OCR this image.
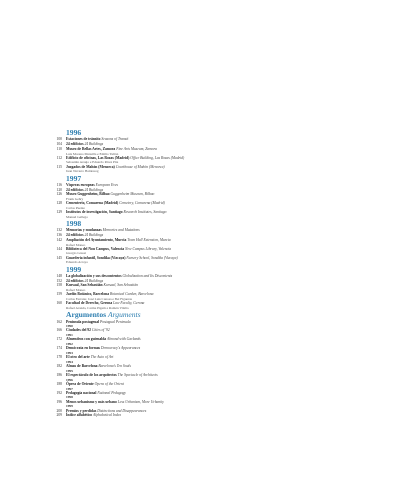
1996
100 Estaciones de tránsito Seasons of Transit
104 24 edificios 24 Buildings
110 Museo de Bellas Artes, Zamora Fine Arts Museum, Zamora
Luis Moreno Mansilla e Emilio Tuñón
112 Edificio de oficinas, Las Rozas (Madrid) Office Building, Las Rozas (Madrid)
Sebastián Araujo e Eduardo Pérez Pita
115 Juzgados de Mahón (Menorca) Courthouse of Mahón (Menorca)
Juan Navarro Baldeweg
1997
116 Vísperas europeas European Eves
120 24 edificios 24 Buildings
126 Museo Guggenheim, Bilbao Guggenheim Museum, Bilbao
Frank Gehry
128 Cementerio, Comarena (Madrid) Cemetery, Comarena (Madrid)
Carlos Puente
129 Institutos de investigación, Santiago Research Institutes, Santiago
Manuel Gallego
1998
132 Memorias y mudanzas Memories and Mutations
136 24 edificios 24 Buildings
142 Ampliación del Ayuntamiento, Murcia Town Hall Extension, Murcia
Rafael Moneo
144 Biblioteca del Nou Campus, Valencia New Campus Library, Valencia
Giorgio Grassi
145 Guardería infantil, Sondika (Vizcaya) Nursery School, Sondika (Vizcaya)
Eduardo Arroyo
1999
148 La globalización y sus descontentos Globalization and Its Discontents
152 24 edificios 24 Buildings
158 Kursaal, San Sebastián Kursaal, San Sebastián
Rafael Moneo
159 Jardín Botánico, Barcelona Botanical Garden, Barcelona
Carlos Ferrater, José Luis Canosa e Bet Figueras
160 Facultad de Derecho, Gerona Law Faculty, Gerona
Rafael Aranda, Carme Pigem e Ramón Vilalta
Argumentos Arguments
162 Península postageual Postagual Peninsula
1990
166 Ciudades del 92 Cities of '92
1991
172 Almendros con guirnalda Almond with Garlands
1992
174 Demócrata en formas Democracy's Appearances
1993
178 El otro del arte The Auto of Art
1994
182 Almas de Barcelona Barcelona's Ten Souls
1995
186 El espectáculo de los arquitectos The Spectacle of Architects
1996
188 Ópera de Oriente Opera of the Orient
1997
192 Pedagogía nacional National Pedagogy
1998
196 Menos urbanismo y más urbano Less Urbanism, More Urbanity
1999
200 Premios y perdidas Distinctions and Disappearances
209 Índice alfabético Alphabetical Index
